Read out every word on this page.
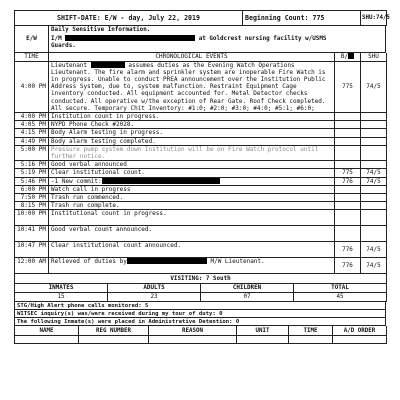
SHIFT-DATE: E/W - day, July 22, 2019	Beginning Count: 775	SHU:74/5
E/W	
Daily Sensitive Information.
I/M	at Goldcrest nursing facility w/USMS
Guards.
TIME	CHRONOLOGICAL EVENTS	B/	SHU
4:00 PM	Lieutenant assumes duties as the Evening Watch Operations Lieutenant. The fire alarm and sprinkler system are inoperable Fire Watch is in progress. Unable to conduct PREA announcement over the Institution Public Address System, due to, system malfunction. Restraint Equipment Cage inventory conducted. All equipment accounted for. Metal Detector checks conducted. All operative w/the exception of Rear Gate. Roof Check completed. All secure. Temporary Chit Inventory: #1:0; #2:0; #3:0; #4:0; #5:1; #6:0;	775	74/5
4:00 PM	Institution count in progress.		
4:05 PM	NYPD Phone Check #2028.		
4:15 PM	Body Alarm testing in progress.		
4:49 PM	Body alarm testing completed.		
5:00 PM	Pressure pump system down Institution will be on Fire Watch protocol until further notice.		
5:16 PM	Good verbal announced		
5:19 PM	Clear institutional count.	775	74/5
5:46 PM	-1 New commit:	776	74/5
6:00 PM	Watch call in progress		
7:50 PM	Trash run commenced.		
8:15 PM	Trash run complete.		
10:00 PM	Institutional count in progress.		
10:41 PM	Good verbal count announced.		
10:47 PM	Clear institutional count announced.	776	74/5
12:00 AM	Relieved of duties by M/W Lieutenant.	776	74/5
VISITING: 7 South			
INMATES	ADULTS	CHILDREN	TOTAL
15	23	07	45
STG/High Alert phone calls monitored: 5
WITSEC inquiry(s) was/were received during my tour of duty: 0
The following Inmate(s) were placed in Administrative Detention: 0
NAME	REG NUMBER	REASON	UNIT	TIME	A/D ORDER
